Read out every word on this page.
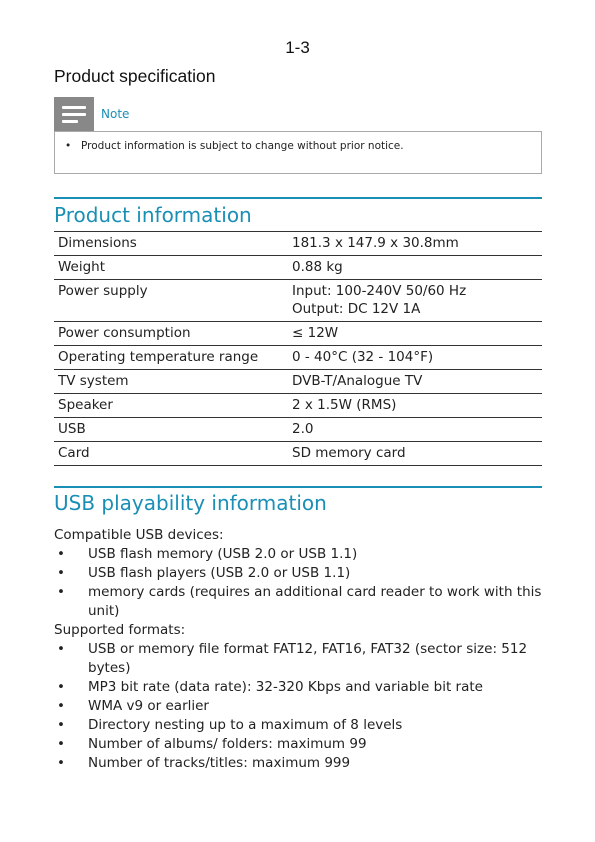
1-3
Product specification
Note
• Product information is subject to change without prior notice.
Product information
Dimensions	181.3 x 147.9 x 30.8mm
Weight	0.88 kg
Power supply	Input: 100-240V 50/60 Hz
Output: DC 12V 1A
Power consumption	≤ 12W
Operating temperature range	0 - 40°C (32 - 104°F)
TV system	DVB-T/Analogue TV
Speaker	2 x 1.5W (RMS)
USB	2.0
Card	SD memory card
USB playability information

Compatible USB devices:

• USB flash memory (USB 2.0 or USB 1.1)
• USB flash players (USB 2.0 or USB 1.1)
• memory cards (requires an additional card reader to work with this unit)

Supported formats:

• USB or memory file format FAT12, FAT16, FAT32 (sector size: 512 bytes)
• MP3 bit rate (data rate): 32-320 Kbps and variable bit rate
• WMA v9 or earlier
• Directory nesting up to a maximum of 8 levels
• Number of albums/ folders: maximum 99
• Number of tracks/titles: maximum 999
